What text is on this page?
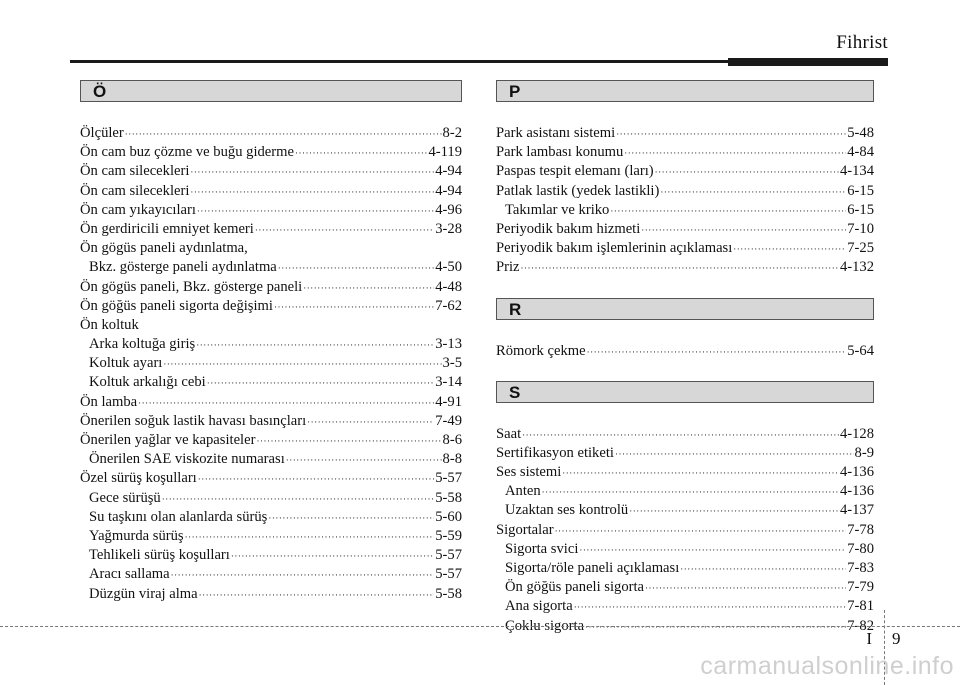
Fihrist
Ö
Ölçüler ·····	8-2
Ön cam buz çözme ve buğu giderme ·····	4-119
Ön cam silecekleri ·····	4-94
Ön cam silecekleri ·····	4-94
Ön cam yıkayıcıları ·····	4-96
Ön gerdiricili emniyet kemeri ·····	3-28
Ön gögüs paneli aydınlatma,
Bkz. gösterge paneli aydınlatma ·····	4-50
Ön gögüs paneli, Bkz. gösterge paneli ·····	4-48
Ön göğüs paneli sigorta değişimi ·····	7-62
Ön koltuk
Arka koltuğa giriş ·····	3-13
Koltuk ayarı ·····	3-5
Koltuk arkalığı cebi ·····	3-14
Ön lamba ·····	4-91
Önerilen soğuk lastik havası basınçları ·····	7-49
Önerilen yağlar ve kapasiteler ·····	8-6
Önerilen SAE viskozite numarası ·····	8-8
Özel sürüş koşulları ·····	5-57
Gece sürüşü ·····	5-58
Su taşkını olan alanlarda sürüş ·····	5-60
Yağmurda sürüş ·····	5-59
Tehlikeli sürüş koşulları ·····	5-57
Aracı sallama ·····	5-57
Düzgün viraj alma ·····	5-58
P
Park asistanı sistemi ·····	5-48
Park lambası konumu ·····	4-84
Paspas tespit elemanı (ları) ·····	4-134
Patlak lastik (yedek lastikli) ·····	6-15
Takımlar ve kriko ·····	6-15
Periyodik bakım hizmeti ·····	7-10
Periyodik bakım işlemlerinin açıklaması ·····	7-25
Priz ·····	4-132
R
Römork çekme ·····	5-64
S
Saat ·····	4-128
Sertifikasyon etiketi ·····	8-9
Ses sistemi ·····	4-136
Anten ·····	4-136
Uzaktan ses kontrolü ·····	4-137
Sigortalar ·····	7-78
Sigorta svici ·····	7-80
Sigorta/röle paneli açıklaması ·····	7-83
Ön göğüs paneli sigorta ·····	7-79
Ana sigorta ·····	7-81
Çoklu sigorta ·····	7-82
I 9
carmanualsonline.info
